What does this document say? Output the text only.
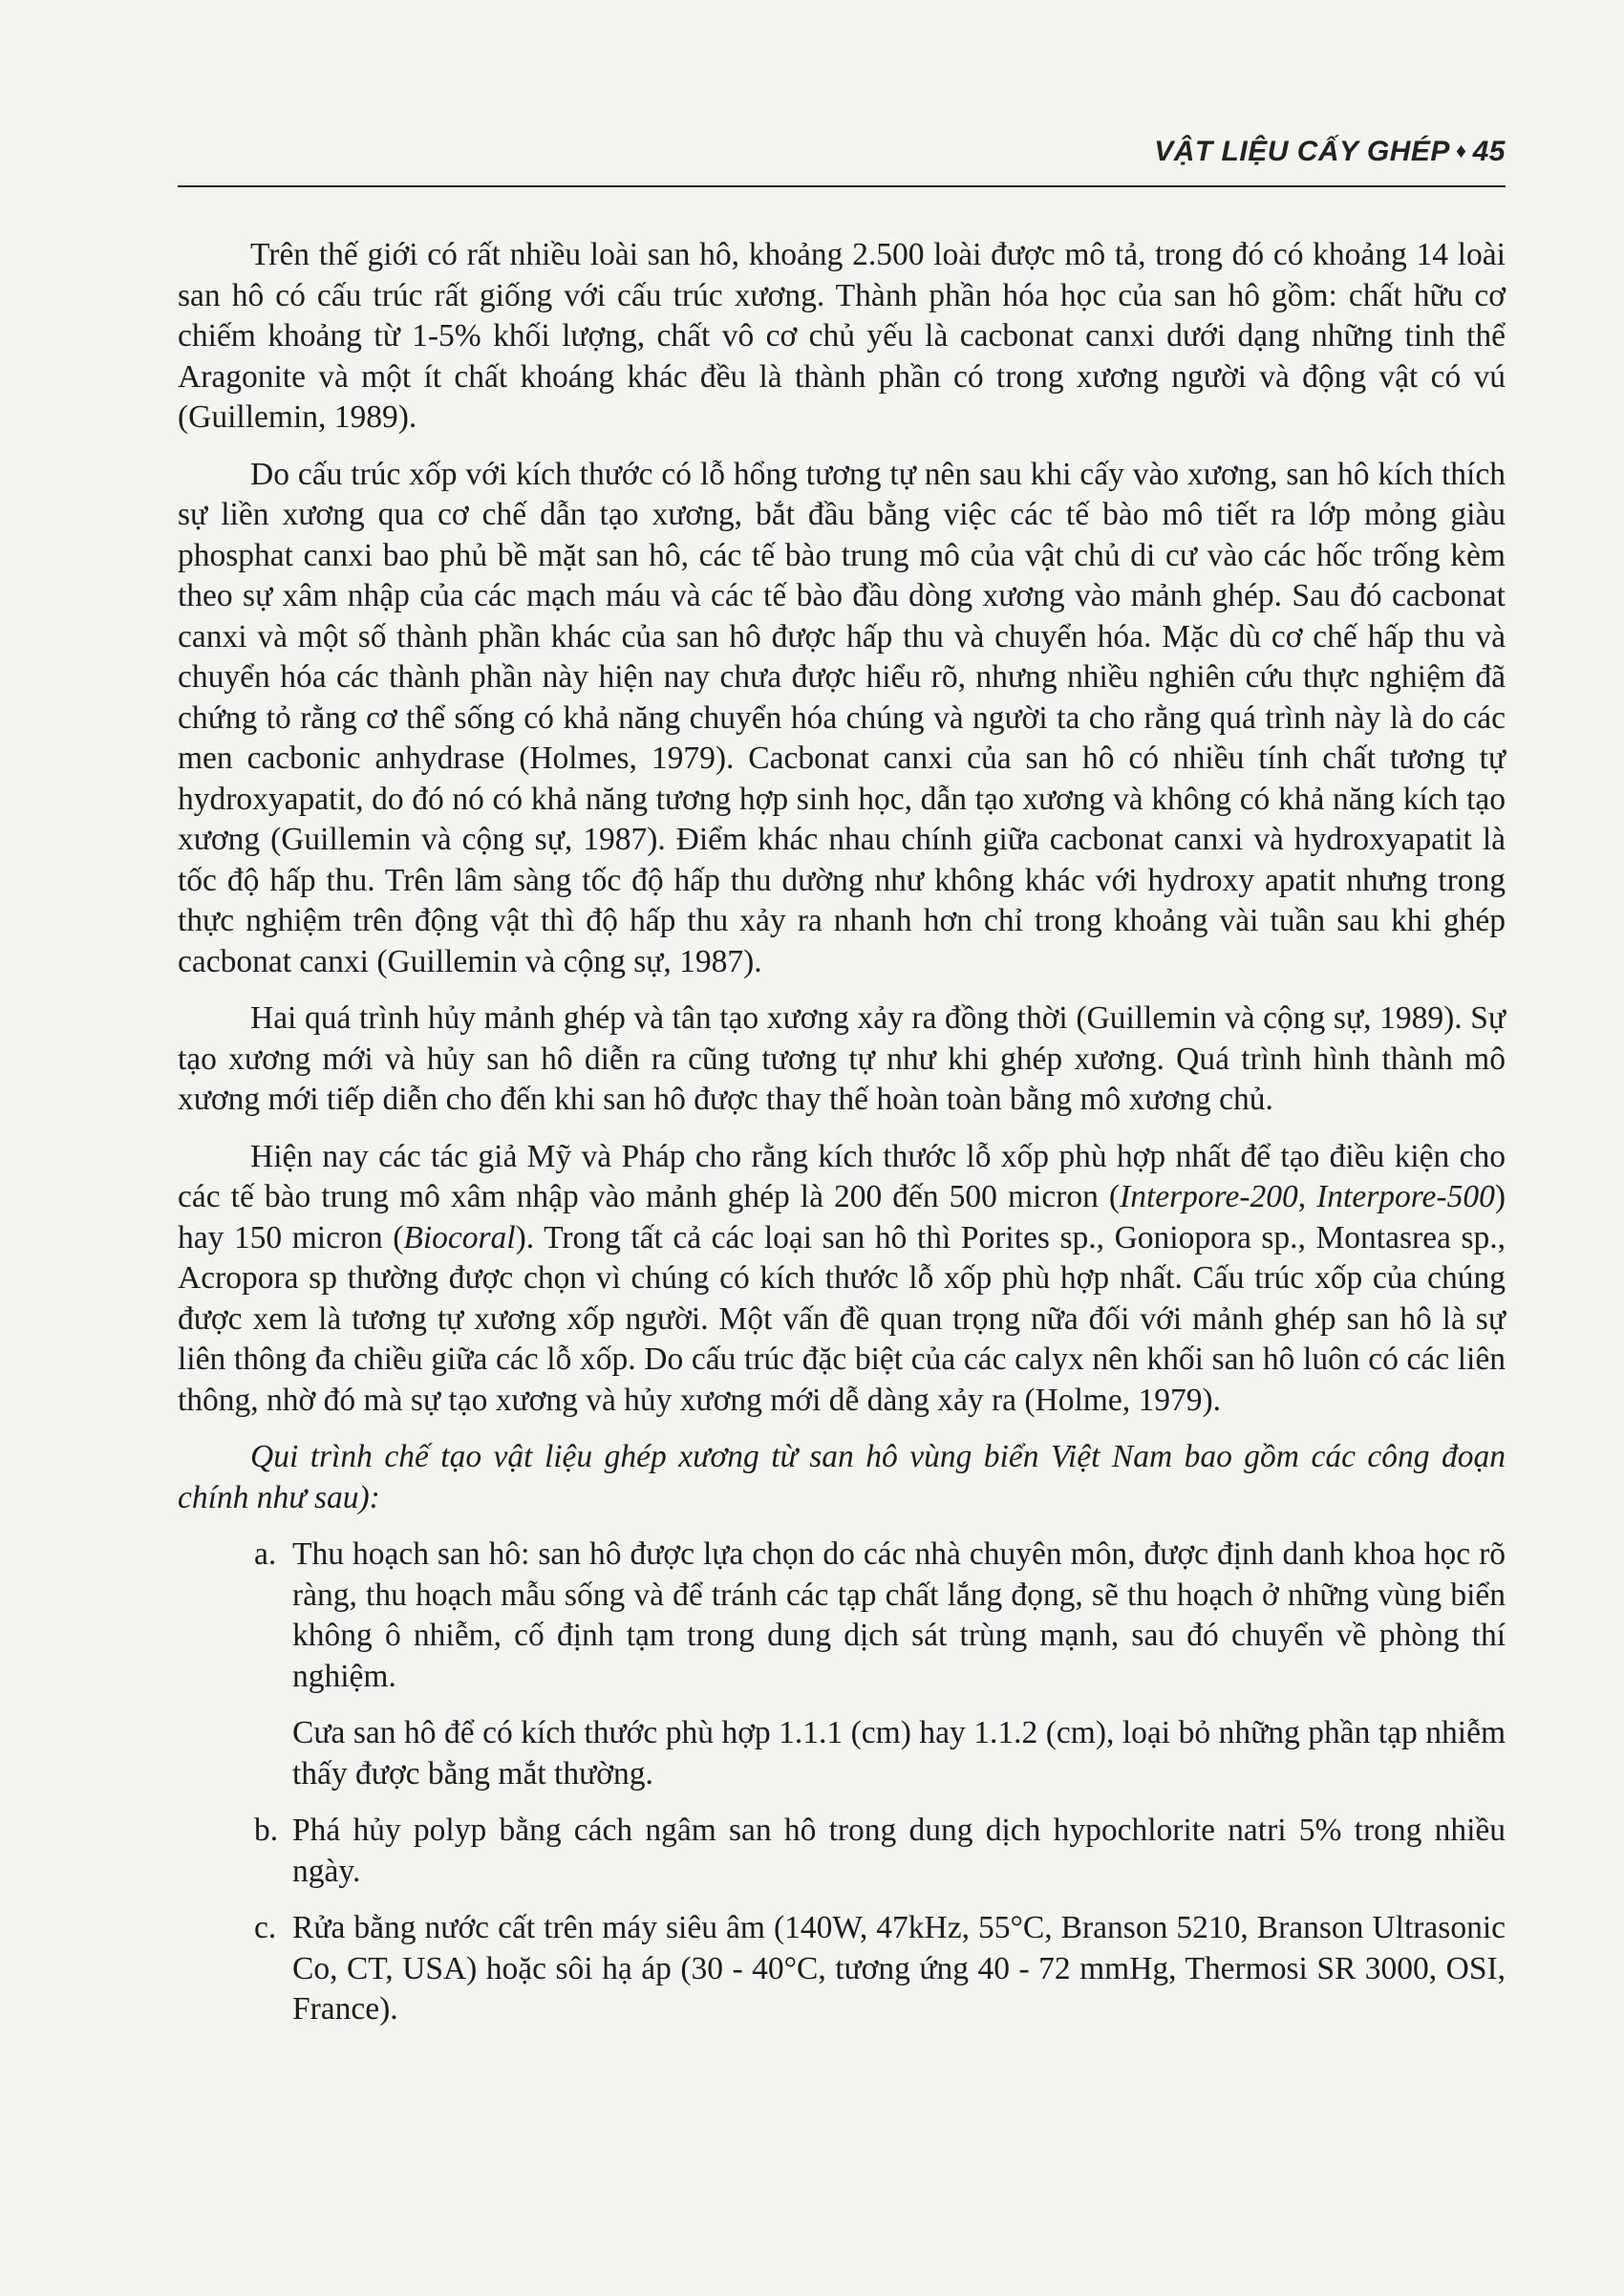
VẬT LIỆU CẤY GHÉP ♦ 45

Trên thế giới có rất nhiều loài san hô, khoảng 2.500 loài được mô tả, trong đó có khoảng 14 loài san hô có cấu trúc rất giống với cấu trúc xương. Thành phần hóa học của san hô gồm: chất hữu cơ chiếm khoảng từ 1-5% khối lượng, chất vô cơ chủ yếu là cacbonat canxi dưới dạng những tinh thể Aragonite và một ít chất khoáng khác đều là thành phần có trong xương người và động vật có vú (Guillemin, 1989).

Do cấu trúc xốp với kích thước có lỗ hổng tương tự nên sau khi cấy vào xương, san hô kích thích sự liền xương qua cơ chế dẫn tạo xương, bắt đầu bằng việc các tế bào mô tiết ra lớp mỏng giàu phosphat canxi bao phủ bề mặt san hô, các tế bào trung mô của vật chủ di cư vào các hốc trống kèm theo sự xâm nhập của các mạch máu và các tế bào đầu dòng xương vào mảnh ghép. Sau đó cacbonat canxi và một số thành phần khác của san hô được hấp thu và chuyển hóa. Mặc dù cơ chế hấp thu và chuyển hóa các thành phần này hiện nay chưa được hiểu rõ, nhưng nhiều nghiên cứu thực nghiệm đã chứng tỏ rằng cơ thể sống có khả năng chuyển hóa chúng và người ta cho rằng quá trình này là do các men cacbonic anhydrase (Holmes, 1979). Cacbonat canxi của san hô có nhiều tính chất tương tự hydroxyapatit, do đó nó có khả năng tương hợp sinh học, dẫn tạo xương và không có khả năng kích tạo xương (Guillemin và cộng sự, 1987). Điểm khác nhau chính giữa cacbonat canxi và hydroxyapatit là tốc độ hấp thu. Trên lâm sàng tốc độ hấp thu dường như không khác với hydroxy apatit nhưng trong thực nghiệm trên động vật thì độ hấp thu xảy ra nhanh hơn chỉ trong khoảng vài tuần sau khi ghép cacbonat canxi (Guillemin và cộng sự, 1987).

Hai quá trình hủy mảnh ghép và tân tạo xương xảy ra đồng thời (Guillemin và cộng sự, 1989). Sự tạo xương mới và hủy san hô diễn ra cũng tương tự như khi ghép xương. Quá trình hình thành mô xương mới tiếp diễn cho đến khi san hô được thay thế hoàn toàn bằng mô xương chủ.

Hiện nay các tác giả Mỹ và Pháp cho rằng kích thước lỗ xốp phù hợp nhất để tạo điều kiện cho các tế bào trung mô xâm nhập vào mảnh ghép là 200 đến 500 micron (Interpore-200, Interpore-500) hay 150 micron (Biocoral). Trong tất cả các loại san hô thì Porites sp., Goniopora sp., Montasrea sp., Acropora sp thường được chọn vì chúng có kích thước lỗ xốp phù hợp nhất. Cấu trúc xốp của chúng được xem là tương tự xương xốp người. Một vấn đề quan trọng nữa đối với mảnh ghép san hô là sự liên thông đa chiều giữa các lỗ xốp. Do cấu trúc đặc biệt của các calyx nên khối san hô luôn có các liên thông, nhờ đó mà sự tạo xương và hủy xương mới dễ dàng xảy ra (Holme, 1979).

Qui trình chế tạo vật liệu ghép xương từ san hô vùng biển Việt Nam bao gồm các công đoạn chính như sau):

a. Thu hoạch san hô: san hô được lựa chọn do các nhà chuyên môn, được định danh khoa học rõ ràng, thu hoạch mẫu sống và để tránh các tạp chất lắng đọng, sẽ thu hoạch ở những vùng biển không ô nhiễm, cố định tạm trong dung dịch sát trùng mạnh, sau đó chuyển về phòng thí nghiệm.

Cưa san hô để có kích thước phù hợp 1.1.1 (cm) hay 1.1.2 (cm), loại bỏ những phần tạp nhiễm thấy được bằng mắt thường.

b. Phá hủy polyp bằng cách ngâm san hô trong dung dịch hypochlorite natri 5% trong nhiều ngày.

c. Rửa bằng nước cất trên máy siêu âm (140W, 47kHz, 55°C, Branson 5210, Branson Ultrasonic Co, CT, USA) hoặc sôi hạ áp (30 - 40°C, tương ứng 40 - 72 mmHg, Thermosi SR 3000, OSI, France).
